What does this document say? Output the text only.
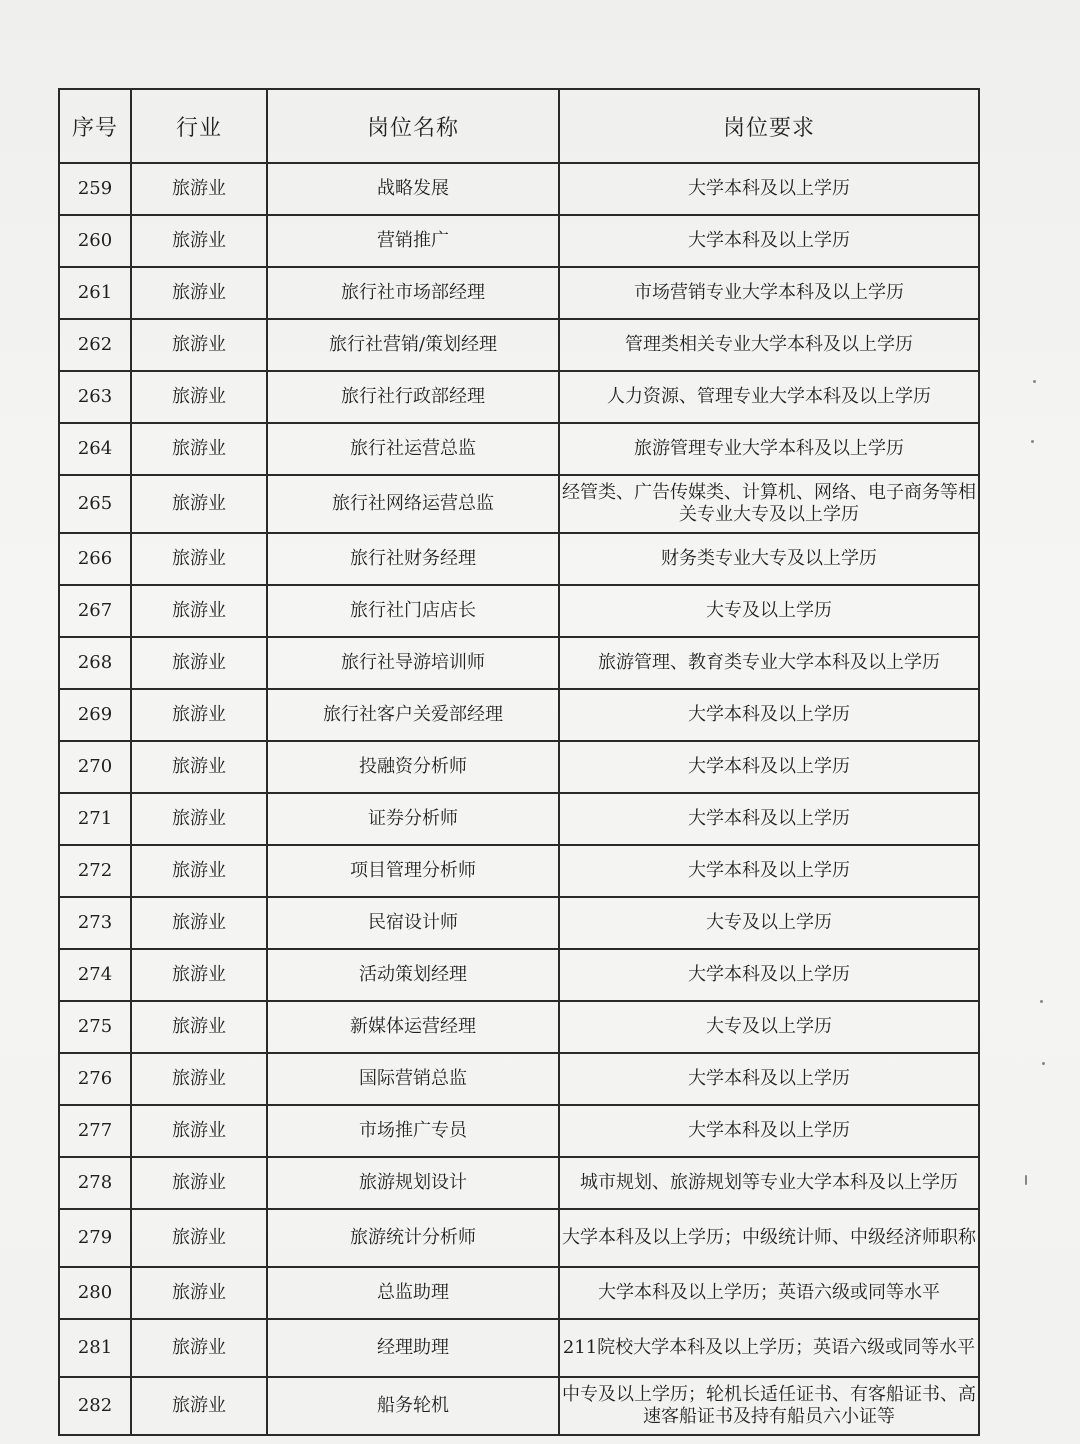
序号	行业	岗位名称	岗位要求
259	旅游业	战略发展	大学本科及以上学历
260	旅游业	营销推广	大学本科及以上学历
261	旅游业	旅行社市场部经理	市场营销专业大学本科及以上学历
262	旅游业	旅行社营销/策划经理	管理类相关专业大学本科及以上学历
263	旅游业	旅行社行政部经理	人力资源、管理专业大学本科及以上学历
264	旅游业	旅行社运营总监	旅游管理专业大学本科及以上学历
265	旅游业	旅行社网络运营总监	经管类、广告传媒类、计算机、网络、电子商务等相关专业大专及以上学历
266	旅游业	旅行社财务经理	财务类专业大专及以上学历
267	旅游业	旅行社门店店长	大专及以上学历
268	旅游业	旅行社导游培训师	旅游管理、教育类专业大学本科及以上学历
269	旅游业	旅行社客户关爱部经理	大学本科及以上学历
270	旅游业	投融资分析师	大学本科及以上学历
271	旅游业	证券分析师	大学本科及以上学历
272	旅游业	项目管理分析师	大学本科及以上学历
273	旅游业	民宿设计师	大专及以上学历
274	旅游业	活动策划经理	大学本科及以上学历
275	旅游业	新媒体运营经理	大专及以上学历
276	旅游业	国际营销总监	大学本科及以上学历
277	旅游业	市场推广专员	大学本科及以上学历
278	旅游业	旅游规划设计	城市规划、旅游规划等专业大学本科及以上学历
279	旅游业	旅游统计分析师	大学本科及以上学历；中级统计师、中级经济师职称
280	旅游业	总监助理	大学本科及以上学历；英语六级或同等水平
281	旅游业	经理助理	211院校大学本科及以上学历；英语六级或同等水平
282	旅游业	船务轮机	中专及以上学历；轮机长适任证书、有客船证书、高速客船证书及持有船员六小证等
